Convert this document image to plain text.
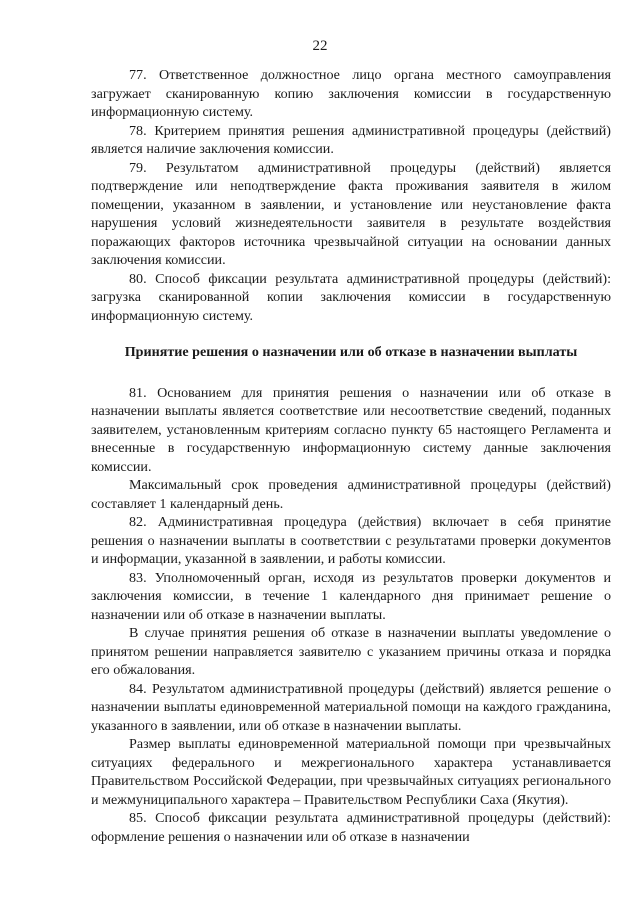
22

77. Ответственное должностное лицо органа местного самоуправления загружает сканированную копию заключения комиссии в государственную информационную систему.

78. Критерием принятия решения административной процедуры (действий) является наличие заключения комиссии.

79. Результатом административной процедуры (действий) является подтверждение или неподтверждение факта проживания заявителя в жилом помещении, указанном в заявлении, и установление или неустановление факта нарушения условий жизнедеятельности заявителя в результате воздействия поражающих факторов источника чрезвычайной ситуации на основании данных заключения комиссии.

80. Способ фиксации результата административной процедуры (действий): загрузка сканированной копии заключения комиссии в государственную информационную систему.

Принятие решения о назначении или об отказе в назначении выплаты

81. Основанием для принятия решения о назначении или об отказе в назначении выплаты является соответствие или несоответствие сведений, поданных заявителем, установленным критериям согласно пункту 65 настоящего Регламента и внесенные в государственную информационную систему данные заключения комиссии.

Максимальный срок проведения административной процедуры (действий) составляет 1 календарный день.

82. Административная процедура (действия) включает в себя принятие решения о назначении выплаты в соответствии с результатами проверки документов и информации, указанной в заявлении, и работы комиссии.

83. Уполномоченный орган, исходя из результатов проверки документов и заключения комиссии, в течение 1 календарного дня принимает решение о назначении или об отказе в назначении выплаты.

В случае принятия решения об отказе в назначении выплаты уведомление о принятом решении направляется заявителю с указанием причины отказа и порядка его обжалования.

84. Результатом административной процедуры (действий) является решение о назначении выплаты единовременной материальной помощи на каждого гражданина, указанного в заявлении, или об отказе в назначении выплаты.

Размер выплаты единовременной материальной помощи при чрезвычайных ситуациях федерального и межрегионального характера устанавливается Правительством Российской Федерации, при чрезвычайных ситуациях регионального и межмуниципального характера – Правительством Республики Саха (Якутия).

85. Способ фиксации результата административной процедуры (действий): оформление решения о назначении или об отказе в назначении
